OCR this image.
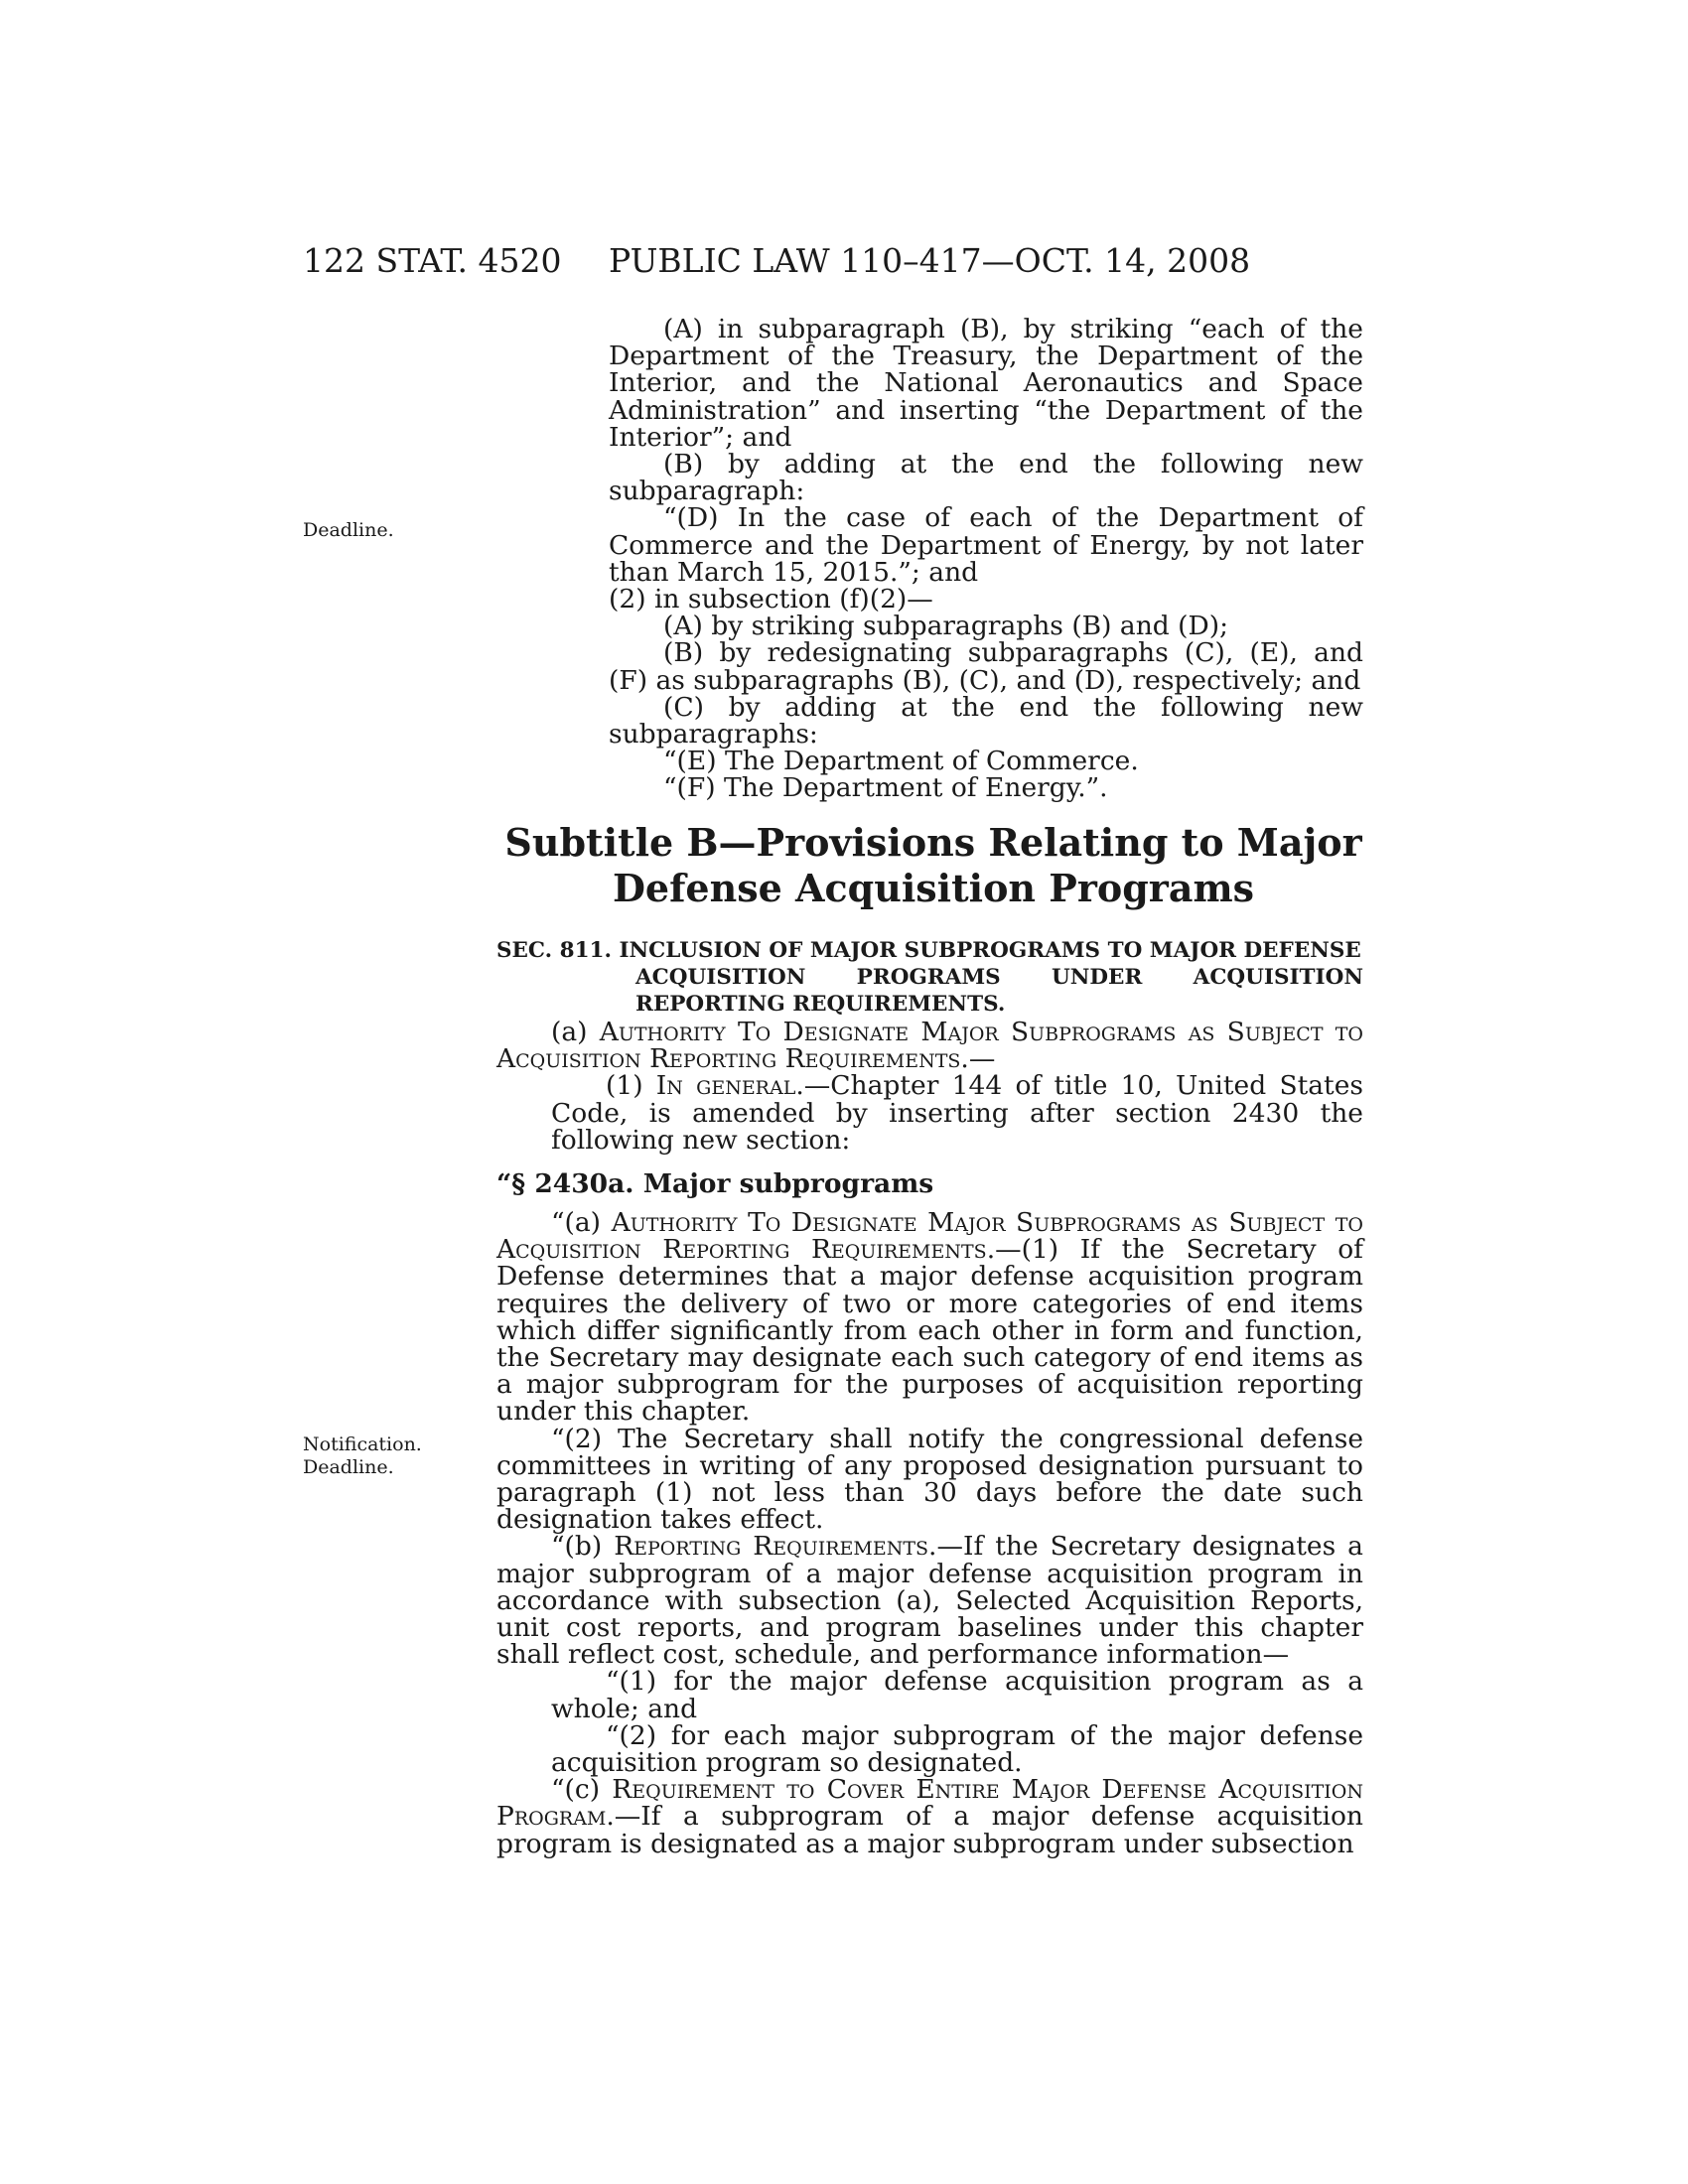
122 STAT. 4520 PUBLIC LAW 110–417—OCT. 14, 2008
Deadline.
Notification.
Deadline.

(A) in subparagraph (B), by striking “each of the Department of the Treasury, the Department of the Interior, and the National Aeronautics and Space Administration” and inserting “the Department of the Interior”; and

(B) by adding at the end the following new subparagraph:

“(D) In the case of each of the Department of Commerce and the Department of Energy, by not later than March 15, 2015.”; and

(2) in subsection (f)(2)—

(A) by striking subparagraphs (B) and (D);

(B) by redesignating subparagraphs (C), (E), and (F) as subparagraphs (B), (C), and (D), respectively; and

(C) by adding at the end the following new subparagraphs:

“(E) The Department of Commerce.

“(F) The Department of Energy.”.

Subtitle B—Provisions Relating to Major
Defense Acquisition Programs
SEC. 811. INCLUSION OF MAJOR SUBPROGRAMS TO MAJOR DEFENSE
ACQUISITION PROGRAMS UNDER ACQUISITION
REPORTING REQUIREMENTS.

(a) Authority To Designate Major Subprograms as Subject to Acquisition Reporting Requirements.—

(1) In general.—Chapter 144 of title 10, United States Code, is amended by inserting after section 2430 the following new section:

“§ 2430a. Major subprograms

“(a) Authority To Designate Major Subprograms as Subject to Acquisition Reporting Requirements.—(1) If the Secretary of Defense determines that a major defense acquisition program requires the delivery of two or more categories of end items which differ significantly from each other in form and function, the Secretary may designate each such category of end items as a major subprogram for the purposes of acquisition reporting under this chapter.

“(2) The Secretary shall notify the congressional defense committees in writing of any proposed designation pursuant to paragraph (1) not less than 30 days before the date such designation takes effect.

“(b) Reporting Requirements.—If the Secretary designates a major subprogram of a major defense acquisition program in accordance with subsection (a), Selected Acquisition Reports, unit cost reports, and program baselines under this chapter shall reflect cost, schedule, and performance information—

“(1) for the major defense acquisition program as a whole; and

“(2) for each major subprogram of the major defense acquisition program so designated.

“(c) Requirement to Cover Entire Major Defense Acquisition Program.—If a subprogram of a major defense acquisition program is designated as a major subprogram under subsection
